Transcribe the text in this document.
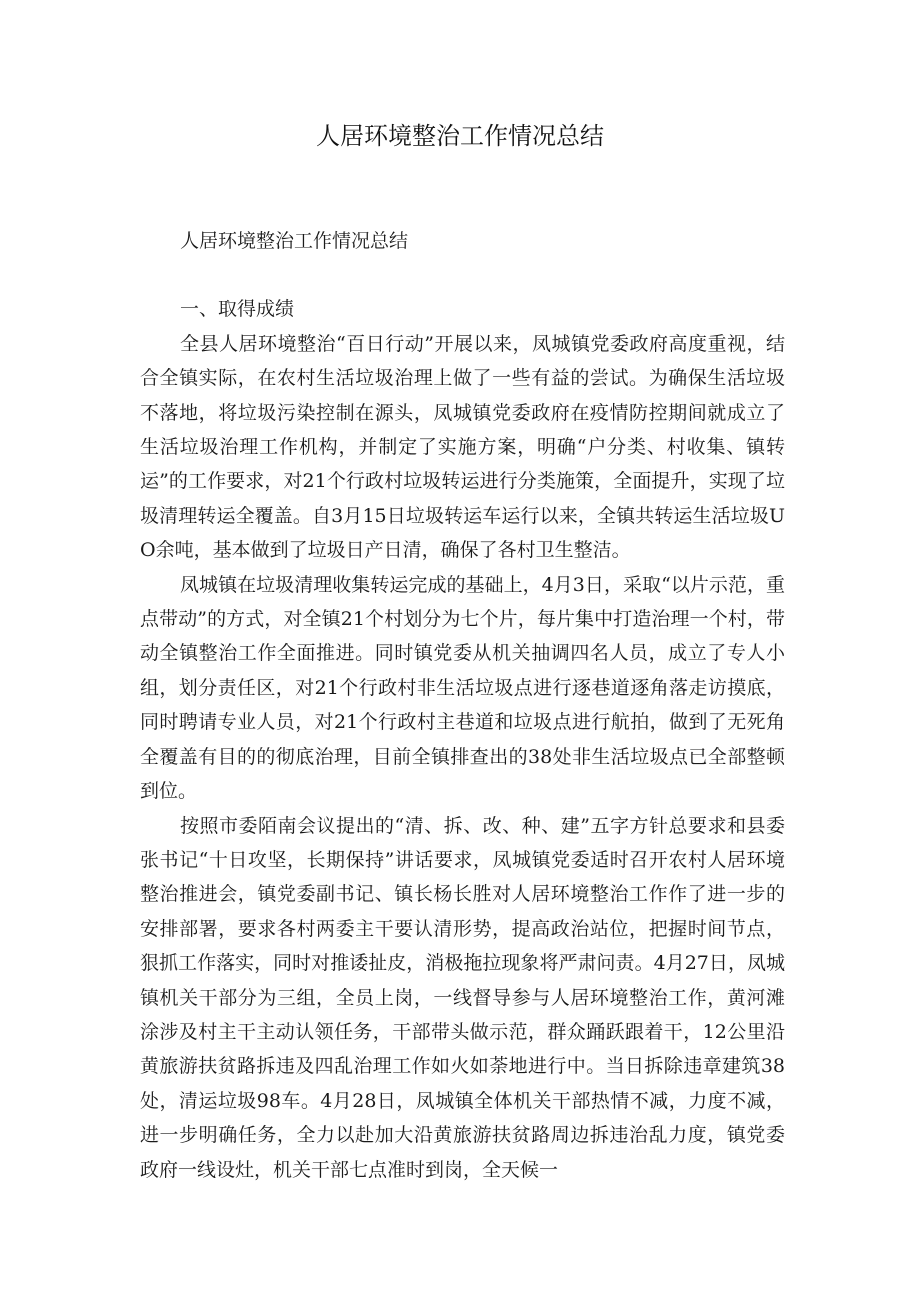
人居环境整治工作情况总结

人居环境整治工作情况总结

一、取得成绩

全县人居环境整治“百日行动”开展以来，凤城镇党委政府高度重视，结合全镇实际，在农村生活垃圾治理上做了一些有益的尝试。为确保生活垃圾不落地，将垃圾污染控制在源头，凤城镇党委政府在疫情防控期间就成立了生活垃圾治理工作机构，并制定了实施方案，明确“户分类、村收集、镇转运”的工作要求，对21个行政村垃圾转运进行分类施策，全面提升，实现了垃圾清理转运全覆盖。自3月15日垃圾转运车运行以来，全镇共转运生活垃圾UO余吨，基本做到了垃圾日产日清，确保了各村卫生整洁。

凤城镇在垃圾清理收集转运完成的基础上，4月3日，采取“以片示范，重点带动”的方式，对全镇21个村划分为七个片，每片集中打造治理一个村，带动全镇整治工作全面推进。同时镇党委从机关抽调四名人员，成立了专人小组，划分责任区，对21个行政村非生活垃圾点进行逐巷道逐角落走访摸底，同时聘请专业人员，对21个行政村主巷道和垃圾点进行航拍，做到了无死角全覆盖有目的的彻底治理，目前全镇排查出的38处非生活垃圾点已全部整顿到位。

按照市委陌南会议提出的“清、拆、改、种、建”五字方针总要求和县委张书记“十日攻坚，长期保持”讲话要求，凤城镇党委适时召开农村人居环境整治推进会，镇党委副书记、镇长杨长胜对人居环境整治工作作了进一步的安排部署，要求各村两委主干要认清形势，提高政治站位，把握时间节点，狠抓工作落实，同时对推诿扯皮，消极拖拉现象将严肃问责。4月27日，凤城镇机关干部分为三组，全员上岗，一线督导参与人居环境整治工作，黄河滩涂涉及村主干主动认领任务，干部带头做示范，群众踊跃跟着干，12公里沿黄旅游扶贫路拆违及四乱治理工作如火如荼地进行中。当日拆除违章建筑38处，清运垃圾98车。4月28日，凤城镇全体机关干部热情不减，力度不减，进一步明确任务，全力以赴加大沿黄旅游扶贫路周边拆违治乱力度，镇党委政府一线设灶，机关干部七点准时到岗，全天候一
